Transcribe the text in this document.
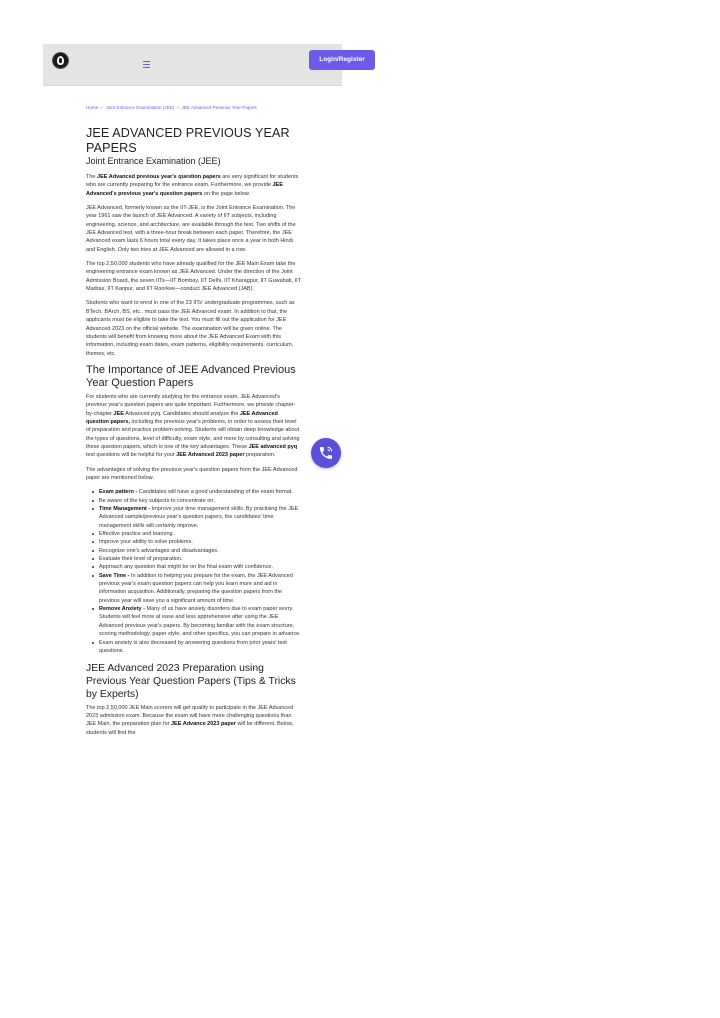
Login/Register
Home / Joint Entrance Examination (JEE) / JEE Advanced Previous Year Papers
JEE ADVANCED PREVIOUS YEAR PAPERS
Joint Entrance Examination (JEE)

The JEE Advanced previous year's question papers are very significant for students who are currently preparing for the entrance exam. Furthermore, we provide JEE Advanced's previous year's question papers on the page below.

JEE Advanced, formerly known as the IIT-JEE, is the Joint Entrance Examination. The year 1961 saw the launch of JEE Advanced. A variety of IIT subjects, including engineering, science, and architecture, are available through the test. Two shifts of the JEE Advanced test, with a three-hour break between each paper. Therefore, the JEE Advanced exam lasts 6 hours total every day. It takes place once a year in both Hindi and English. Only two tries at JEE Advanced are allowed in a row.

The top 2,50,000 students who have already qualified for the JEE Main Exam take the engineering entrance exam known as JEE Advanced. Under the direction of the Joint Admission Board, the seven IITs—IIT Bombay, IIT Delhi, IIT Kharagpur, IIT Guwahati, IIT Madras, IIT Kanpur, and IIT Roorkee—conduct JEE Advanced (JAB).

Students who want to enrol in one of the 23 IITs' undergraduate programmes, such as BTech, BArch, BS, etc., must pass the JEE Advanced exam. In addition to that, the applicants must be eligible to take the test. You must fill out the application for JEE Advanced 2023 on the official website. The examination will be given online. The students will benefit from knowing more about the JEE Advanced Exam with this information, including exam dates, exam patterns, eligibility requirements, curriculum, themes, etc.

The Importance of JEE Advanced Previous Year Question Papers

For students who are currently studying for the entrance exam, JEE Advanced's previous year's question papers are quite important. Furthermore, we provide chapter-by-chapter JEE Advanced pyq. Candidates should analyze the JEE Advanced question papers, including the previous year's problems, in order to assess their level of preparation and practice problem-solving. Students will obtain deep knowledge about the types of questions, level of difficulty, exam style, and more by consulting and solving these question papers, which is one of the key advantages. These JEE advanced pyq test questions will be helpful for your JEE Advanced 2023 paper preparation.

The advantages of solving the previous year's question papers from the JEE Advanced paper are mentioned below.

Exam pattern - Candidates will have a good understanding of the exam format.
Be aware of the key subjects to concentrate on.
Time Management - Improve your time management skills. By practising the JEE Advanced sample/previous year's question papers, the candidates' time management skills will certainly improve.
Effective practice and learning.
Improve your ability to solve problems.
Recognize one's advantages and disadvantages.
Evaluate their level of preparation.
Approach any question that might be on the final exam with confidence.
Save Time - In addition to helping you prepare for the exam, the JEE Advanced previous year's exam question papers can help you learn more and aid in information acquisition. Additionally, preparing the question papers from the previous year will save you a significant amount of time.
Remove Anxiety - Many of us have anxiety disorders due to exam paper worry. Students will feel more at ease and less apprehensive after using the JEE Advanced previous year's papers. By becoming familiar with the exam structure, scoring methodology, paper style, and other specifics, you can prepare in advance.
Exam anxiety is also decreased by answering questions from prior years' test questions.
JEE Advanced 2023 Preparation using Previous Year Question Papers (Tips & Tricks by Experts)

The top 2,50,000 JEE Main scorers will get qualify to participate in the JEE Advanced 2023 admission exam. Because the exam will have more challenging questions than JEE Main, the preparation plan for JEE Advance 2023 paper will be different. Below, students will find the
